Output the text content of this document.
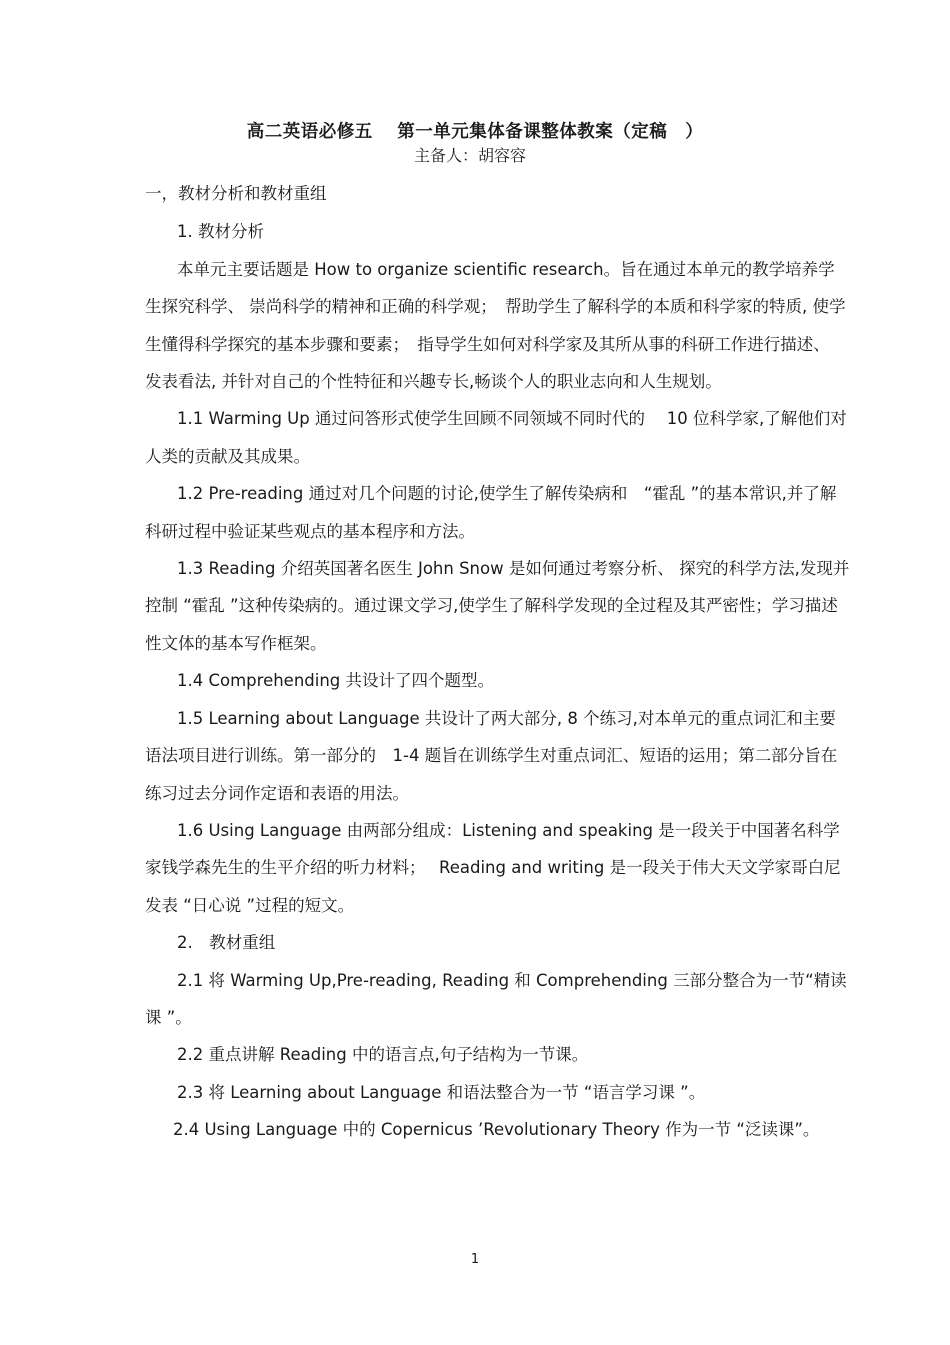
高二英语必修五　 第一单元集体备课整体教案（定稿　）
主备人：胡容容

一，教材分析和教材重组

1. 教材分析

本单元主要话题是 How to organize scientific research。旨在通过本单元的教学培养学生探究科学、 崇尚科学的精神和正确的科学观；　帮助学生了解科学的本质和科学家的特质, 使学生懂得科学探究的基本步骤和要素；　指导学生如何对科学家及其所从事的科研工作进行描述、　发表看法, 并针对自己的个性特征和兴趣专长,畅谈个人的职业志向和人生规划。

1.1 Warming Up 通过问答形式使学生回顾不同领域不同时代的　 10 位科学家,了解他们对人类的贡献及其成果。

1.2 Pre-reading 通过对几个问题的讨论,使学生了解传染病和　“霍乱 ”的基本常识,并了解科研过程中验证某些观点的基本程序和方法。

1.3 Reading 介绍英国著名医生 John Snow 是如何通过考察分析、 探究的科学方法,发现并控制 “霍乱 ”这种传染病的。通过课文学习,使学生了解科学发现的全过程及其严密性；学习描述性文体的基本写作框架。

1.4 Comprehending 共设计了四个题型。

1.5 Learning about Language 共设计了两大部分, 8 个练习,对本单元的重点词汇和主要语法项目进行训练。第一部分的　1-4 题旨在训练学生对重点词汇、短语的运用；第二部分旨在练习过去分词作定语和表语的用法。

1.6 Using Language 由两部分组成：Listening and speaking 是一段关于中国著名科学家钱学森先生的生平介绍的听力材料；　 Reading and writing 是一段关于伟大天文学家哥白尼发表 “日心说 ”过程的短文。

2.　教材重组

2.1 将 Warming Up,Pre-reading, Reading 和 Comprehending 三部分整合为一节“精读课 ”。

2.2 重点讲解 Reading 中的语言点,句子结构为一节课。

2.3 将 Learning about Language 和语法整合为一节 “语言学习课 ”。

2.4 Using Language 中的 Copernicus ’Revolutionary Theory 作为一节 “泛读课”。

1
